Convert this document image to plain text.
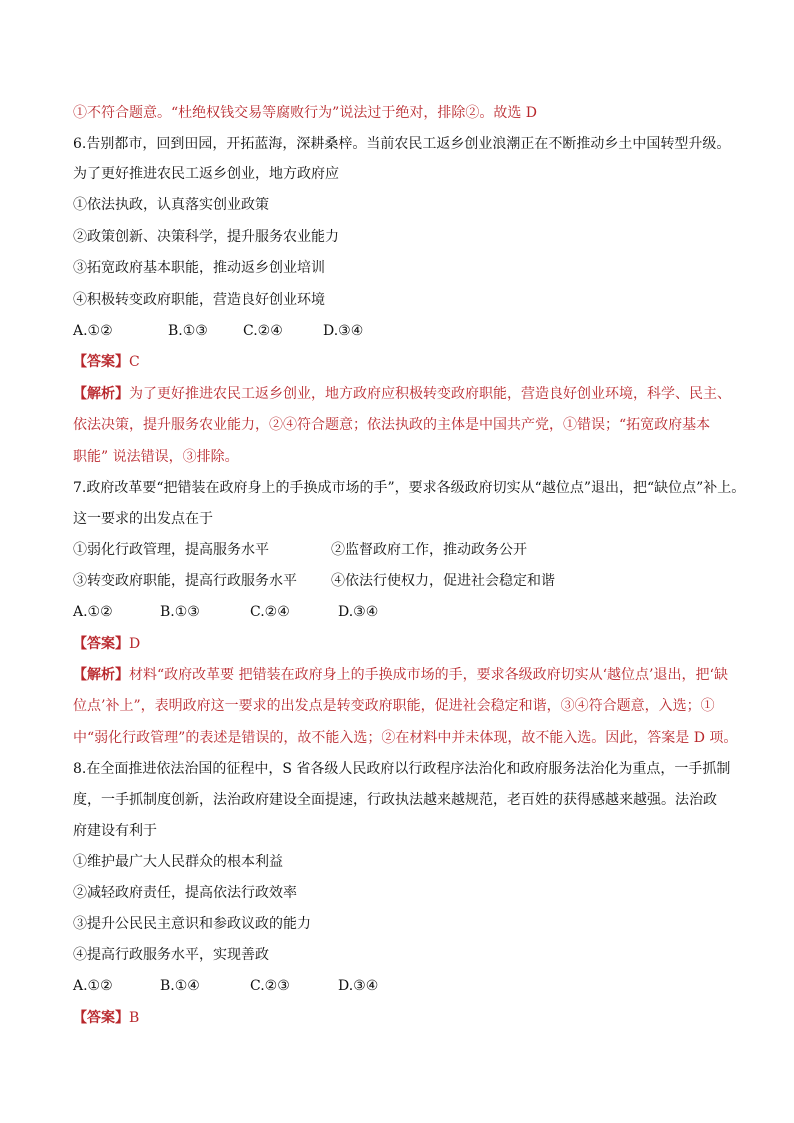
①不符合题意。“杜绝权钱交易等腐败行为”说法过于绝对，排除②。故选 D
6.告别都市，回到田园，开拓蓝海，深耕桑梓。当前农民工返乡创业浪潮正在不断推动乡土中国转型升级。
为了更好推进农民工返乡创业，地方政府应
①依法执政，认真落实创业政策
②政策创新、决策科学，提升服务农业能力
③拓宽政府基本职能，推动返乡创业培训
④积极转变政府职能，营造良好创业环境
A.①②	B.①③	C.②④	D.③④
【答案】C
【解析】为了更好推进农民工返乡创业，地方政府应积极转变政府职能，营造良好创业环境，科学、民主、
依法决策，提升服务农业能力，②④符合题意；依法执政的主体是中国共产党，①错误；“拓宽政府基本
职能” 说法错误，③排除。
7.政府改革要“把错装在政府身上的手换成市场的手”，要求各级政府切实从“越位点”退出，把“缺位点”补上。
这一要求的出发点在于
①弱化行政管理，提高服务水平	②监督政府工作，推动政务公开
③转变政府职能，提高行政服务水平 ④依法行使权力，促进社会稳定和谐
A.①②	B.①③	C.②④	D.③④
【答案】D
【解析】材料“政府改革要 把错装在政府身上的手换成市场的手，要求各级政府切实从‘越位点’退出，把‘缺
位点’补上”，表明政府这一要求的出发点是转变政府职能，促进社会稳定和谐，③④符合题意，入选；①
中“弱化行政管理”的表述是错误的，故不能入选；②在材料中并未体现，故不能入选。因此，答案是 D 项。
8.在全面推进依法治国的征程中，S 省各级人民政府以行政程序法治化和政府服务法治化为重点，一手抓制
度，一手抓制度创新，法治政府建设全面提速，行政执法越来越规范，老百姓的获得感越来越强。法治政
府建设有利于
①维护最广大人民群众的根本利益
②减轻政府责任，提高依法行政效率
③提升公民民主意识和参政议政的能力
④提高行政服务水平，实现善政
A.①②	B.①④	C.②③	D.③④
【答案】B
